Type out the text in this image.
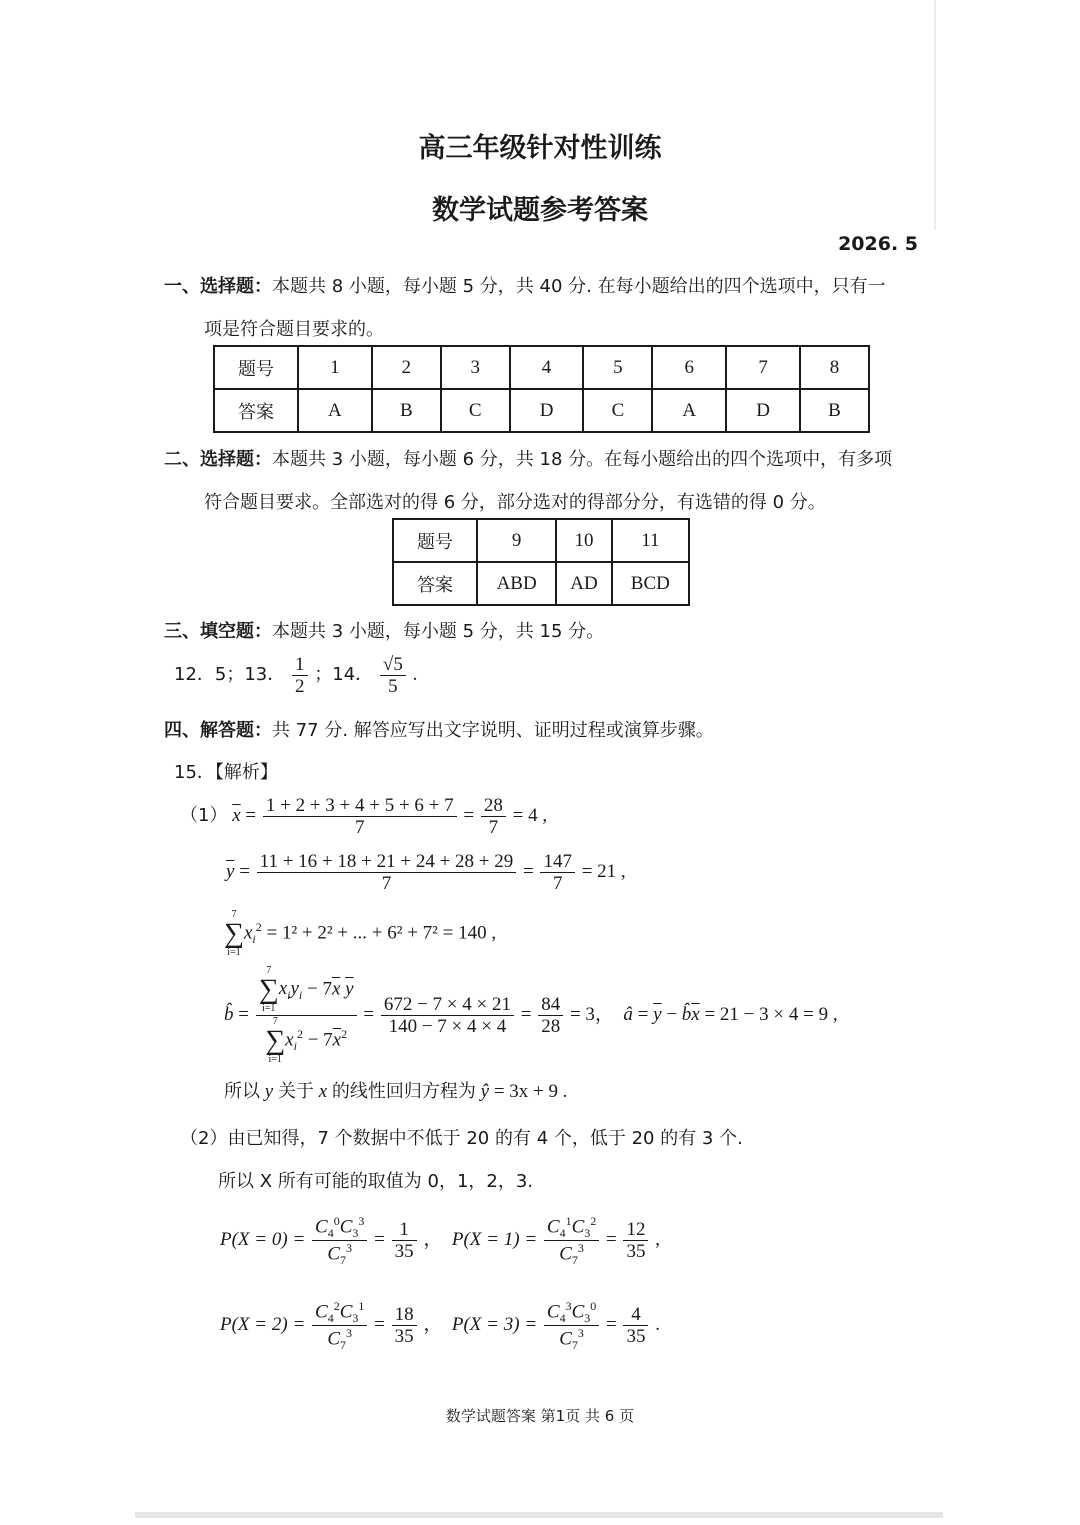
高三年级针对性训练
数学试题参考答案
2026. 5
一、选择题：本题共 8 小题，每小题 5 分，共 40 分. 在每小题给出的四个选项中，只有一
项是符合题目要求的。
题号	1	2	3	4	5	6	7	8
答案	A	B	C	D	C	A	D	B
二、选择题：本题共 3 小题，每小题 6 分，共 18 分。在每小题给出的四个选项中，有多项
符合题目要求。全部选对的得 6 分，部分选对的得部分分，有选错的得 0 分。
题号	9	10	11
答案	ABD	AD	BCD
三、填空题：本题共 3 小题，每小题 5 分，共 15 分。
12．5；13． $\frac{1}{2}$ ；14． $\frac{√5}{5}$ .
四、解答题：共 77 分. 解答应写出文字说明、证明过程或演算步骤。
15．【解析】
（1） $\overline{x} = \frac{1 + 2 + 3 + 4 + 5 + 6 + 7}{7} = \frac{28}{7} = 4$ ,
$\overline{y} = \frac{11 + 16 + 18 + 21 + 24 + 28 + 29}{7} = \frac{147}{7} = 21$ ,
7
∑
i=1
$x_i^2 = 1^2 + 2^2$ + ... + 6² + 7² = 140 ,
b̂ = 7
∑
i=1
$x_iy_i - 7\overline{x}$ $\overline{y}$
7
∑
i=1
$x_i^2 - 7\overline{x}^2 = \frac{672 - 7 \times 4 \times 21}{140 - 7 \times 4 \times 4} = \frac{84}{28} = 3$， â = $\overline{y}$ − $b̂\overline{x} = 21 - 3 \times 4 = 9$ ,
所以 y 关于 x 的线性回归方程为 ŷ = 3x + 9 .
（2）由已知得，7 个数据中不低于 20 的有 4 个，低于 20 的有 3 个.
所以 X 所有可能的取值为 0，1，2，3.
$P(X = 0) = \frac{C_4^0C_3^3}{C_7^3} = \frac{1}{35}$ ，  $P(X = 1) = \frac{C_4^1C_3^2}{C_7^3} = \frac{12}{35}$ ,
$P(X = 2) = \frac{C_4^2C_3^1}{C_7^3} = \frac{18}{35}$ ，  $P(X = 3) = \frac{C_4^3C_3^0}{C_7^3} = \frac{4}{35}$ .
数学试题答案 第1页 共 6 页
